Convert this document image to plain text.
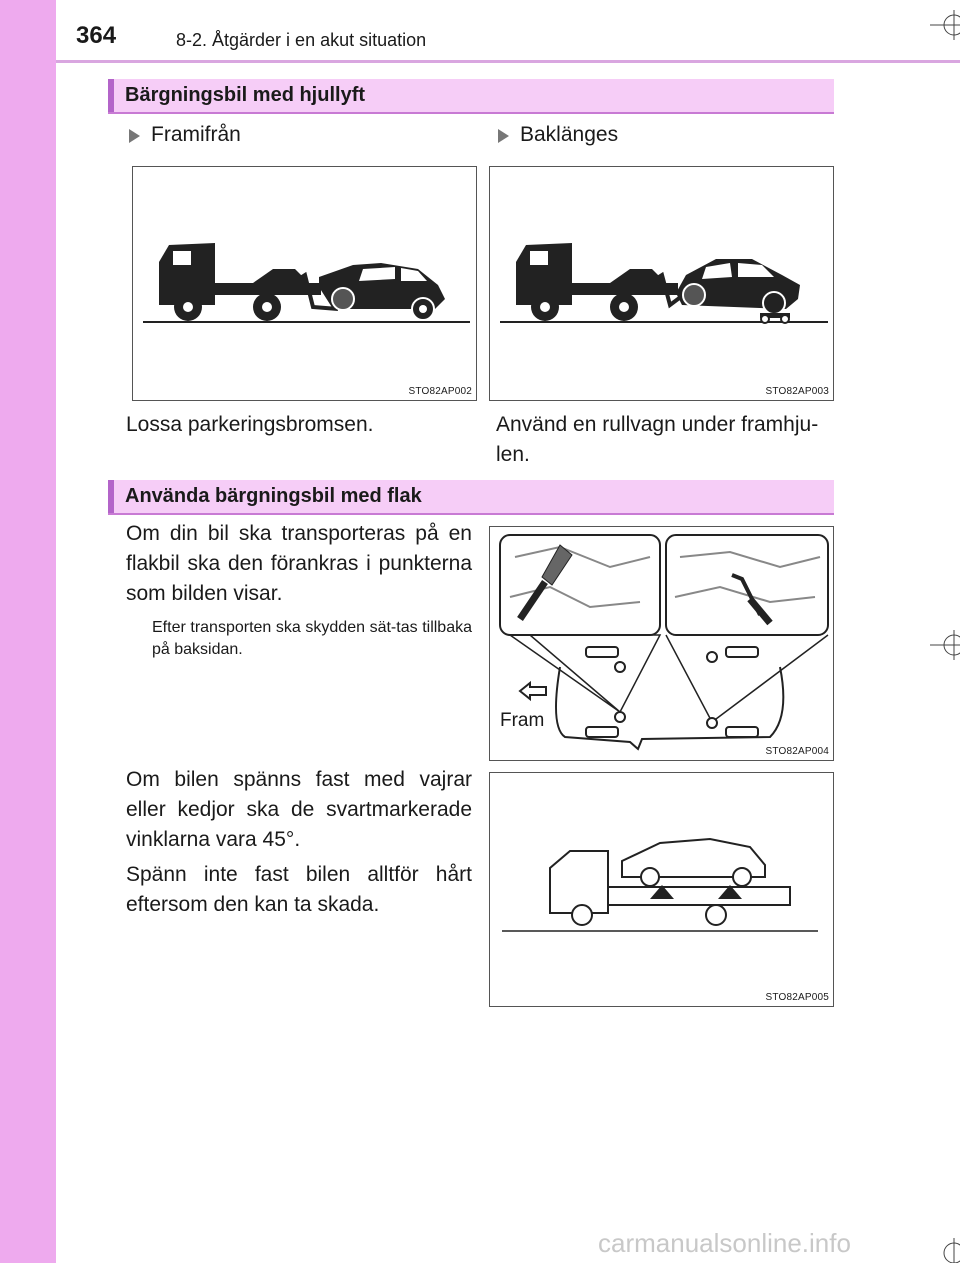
364	8-2. Åtgärder i en akut situation
Bärgningsbil med hjullyft
Framifrån	Baklänges
STO82AP002	STO82AP003
Lossa parkeringsbromsen.	Använd en rullvagn under framhju-len.
Använda bärgningsbil med flak
Om din bil ska transporteras på en flakbil ska den förankras i punkterna som bilden visar.
Efter transporten ska skydden sät-tas tillbaka på baksidan.
Om bilen spänns fast med vajrar eller kedjor ska de svartmarkerade vinklarna vara 45°.
Spänn inte fast bilen alltför hårt eftersom den kan ta skada.
STO82AP004
Fram
STO82AP005
carmanualsonline.info
